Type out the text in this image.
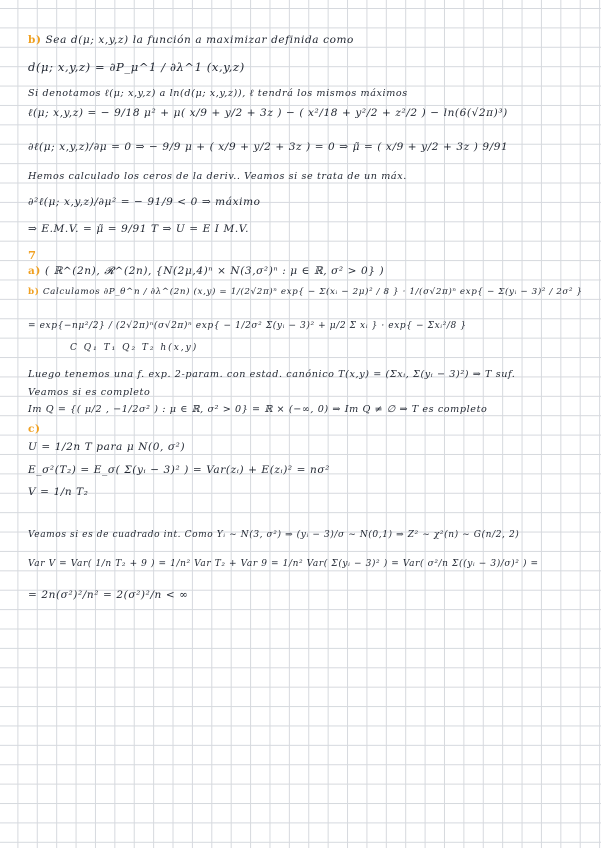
b) Sea d(μ; x,y,z) la función a maximizar definida como
d(μ; x,y,z) = ∂P_μ^1 / ∂λ^1 (x,y,z)
Si denotamos ℓ(μ; x,y,z) a ln(d(μ; x,y,z)), ℓ tendrá los mismos máximos
ℓ(μ; x,y,z) = − 9/18 μ² + μ( x/9 + y/2 + 3z ) − ( x²/18 + y²/2 + z²/2 ) − ln(6(√2π)³)
∂ℓ(μ; x,y,z)/∂μ = 0 ⇒ − 9/9 μ + ( x/9 + y/2 + 3z ) = 0 ⇒ μ̃ = ( x/9 + y/2 + 3z ) 9/91
Hemos calculado los ceros de la deriv.. Veamos si se trata de un máx.
∂²ℓ(μ; x,y,z)/∂μ² = − 91/9 < 0 ⇒ máximo
⇒ E.M.V. = μ̃ = 9/91 T ⇒ U = E I M.V.
7
a) ( ℝ^(2n), 𝓡^(2n), {N(2μ,4)ⁿ × N(3,σ²)ⁿ : μ ∈ ℝ, σ² > 0} )
b) Calculamos ∂P_θ^n / ∂λ^(2n) (x,y) = 1/(2√2π)ⁿ exp{ − Σ(xᵢ − 2μ)² / 8 } · 1/(σ√2π)ⁿ exp{ − Σ(yᵢ − 3)² / 2σ² }
= exp{−nμ²/2} / (2√2π)ⁿ(σ√2π)ⁿ exp{ − 1/2σ² Σ(yᵢ − 3)² + μ/2 Σ xᵢ } · exp{ − Σxᵢ²/8 }
C Q₁ T₁ Q₂ T₂ h(x,y)
Luego tenemos una f. exp. 2-param. con estad. canónico T(x,y) = (Σxᵢ, Σ(yᵢ − 3)²) ⇒ T suf.
Veamos si es completo
Im Q = {( μ/2 , −1/2σ² ) : μ ∈ ℝ, σ² > 0} = ℝ × (−∞, 0) ⇒ Im Q ≠ ∅ ⇒ T es completo
c)
U = 1/2n T para μ N(0, σ²)
E_σ²(T₂) = E_σ( Σ(yᵢ − 3)² ) = Var(zᵢ) + E(zᵢ)² = nσ²
V = 1/n T₂
Veamos si es de cuadrado int. Como Yᵢ ∼ N(3, σ²) ⇒ (yᵢ − 3)/σ ∼ N(0,1) ⇒ Z² ∼ χ²(n) ∼ G(n/2, 2)
Var V = Var( 1/n T₂ + 9 ) = 1/n² Var T₂ + Var 9 = 1/n² Var( Σ(yᵢ − 3)² ) = Var( σ²/n Σ((yᵢ − 3)/σ)² ) =
= 2n(σ²)²/n² = 2(σ²)²/n < ∞
